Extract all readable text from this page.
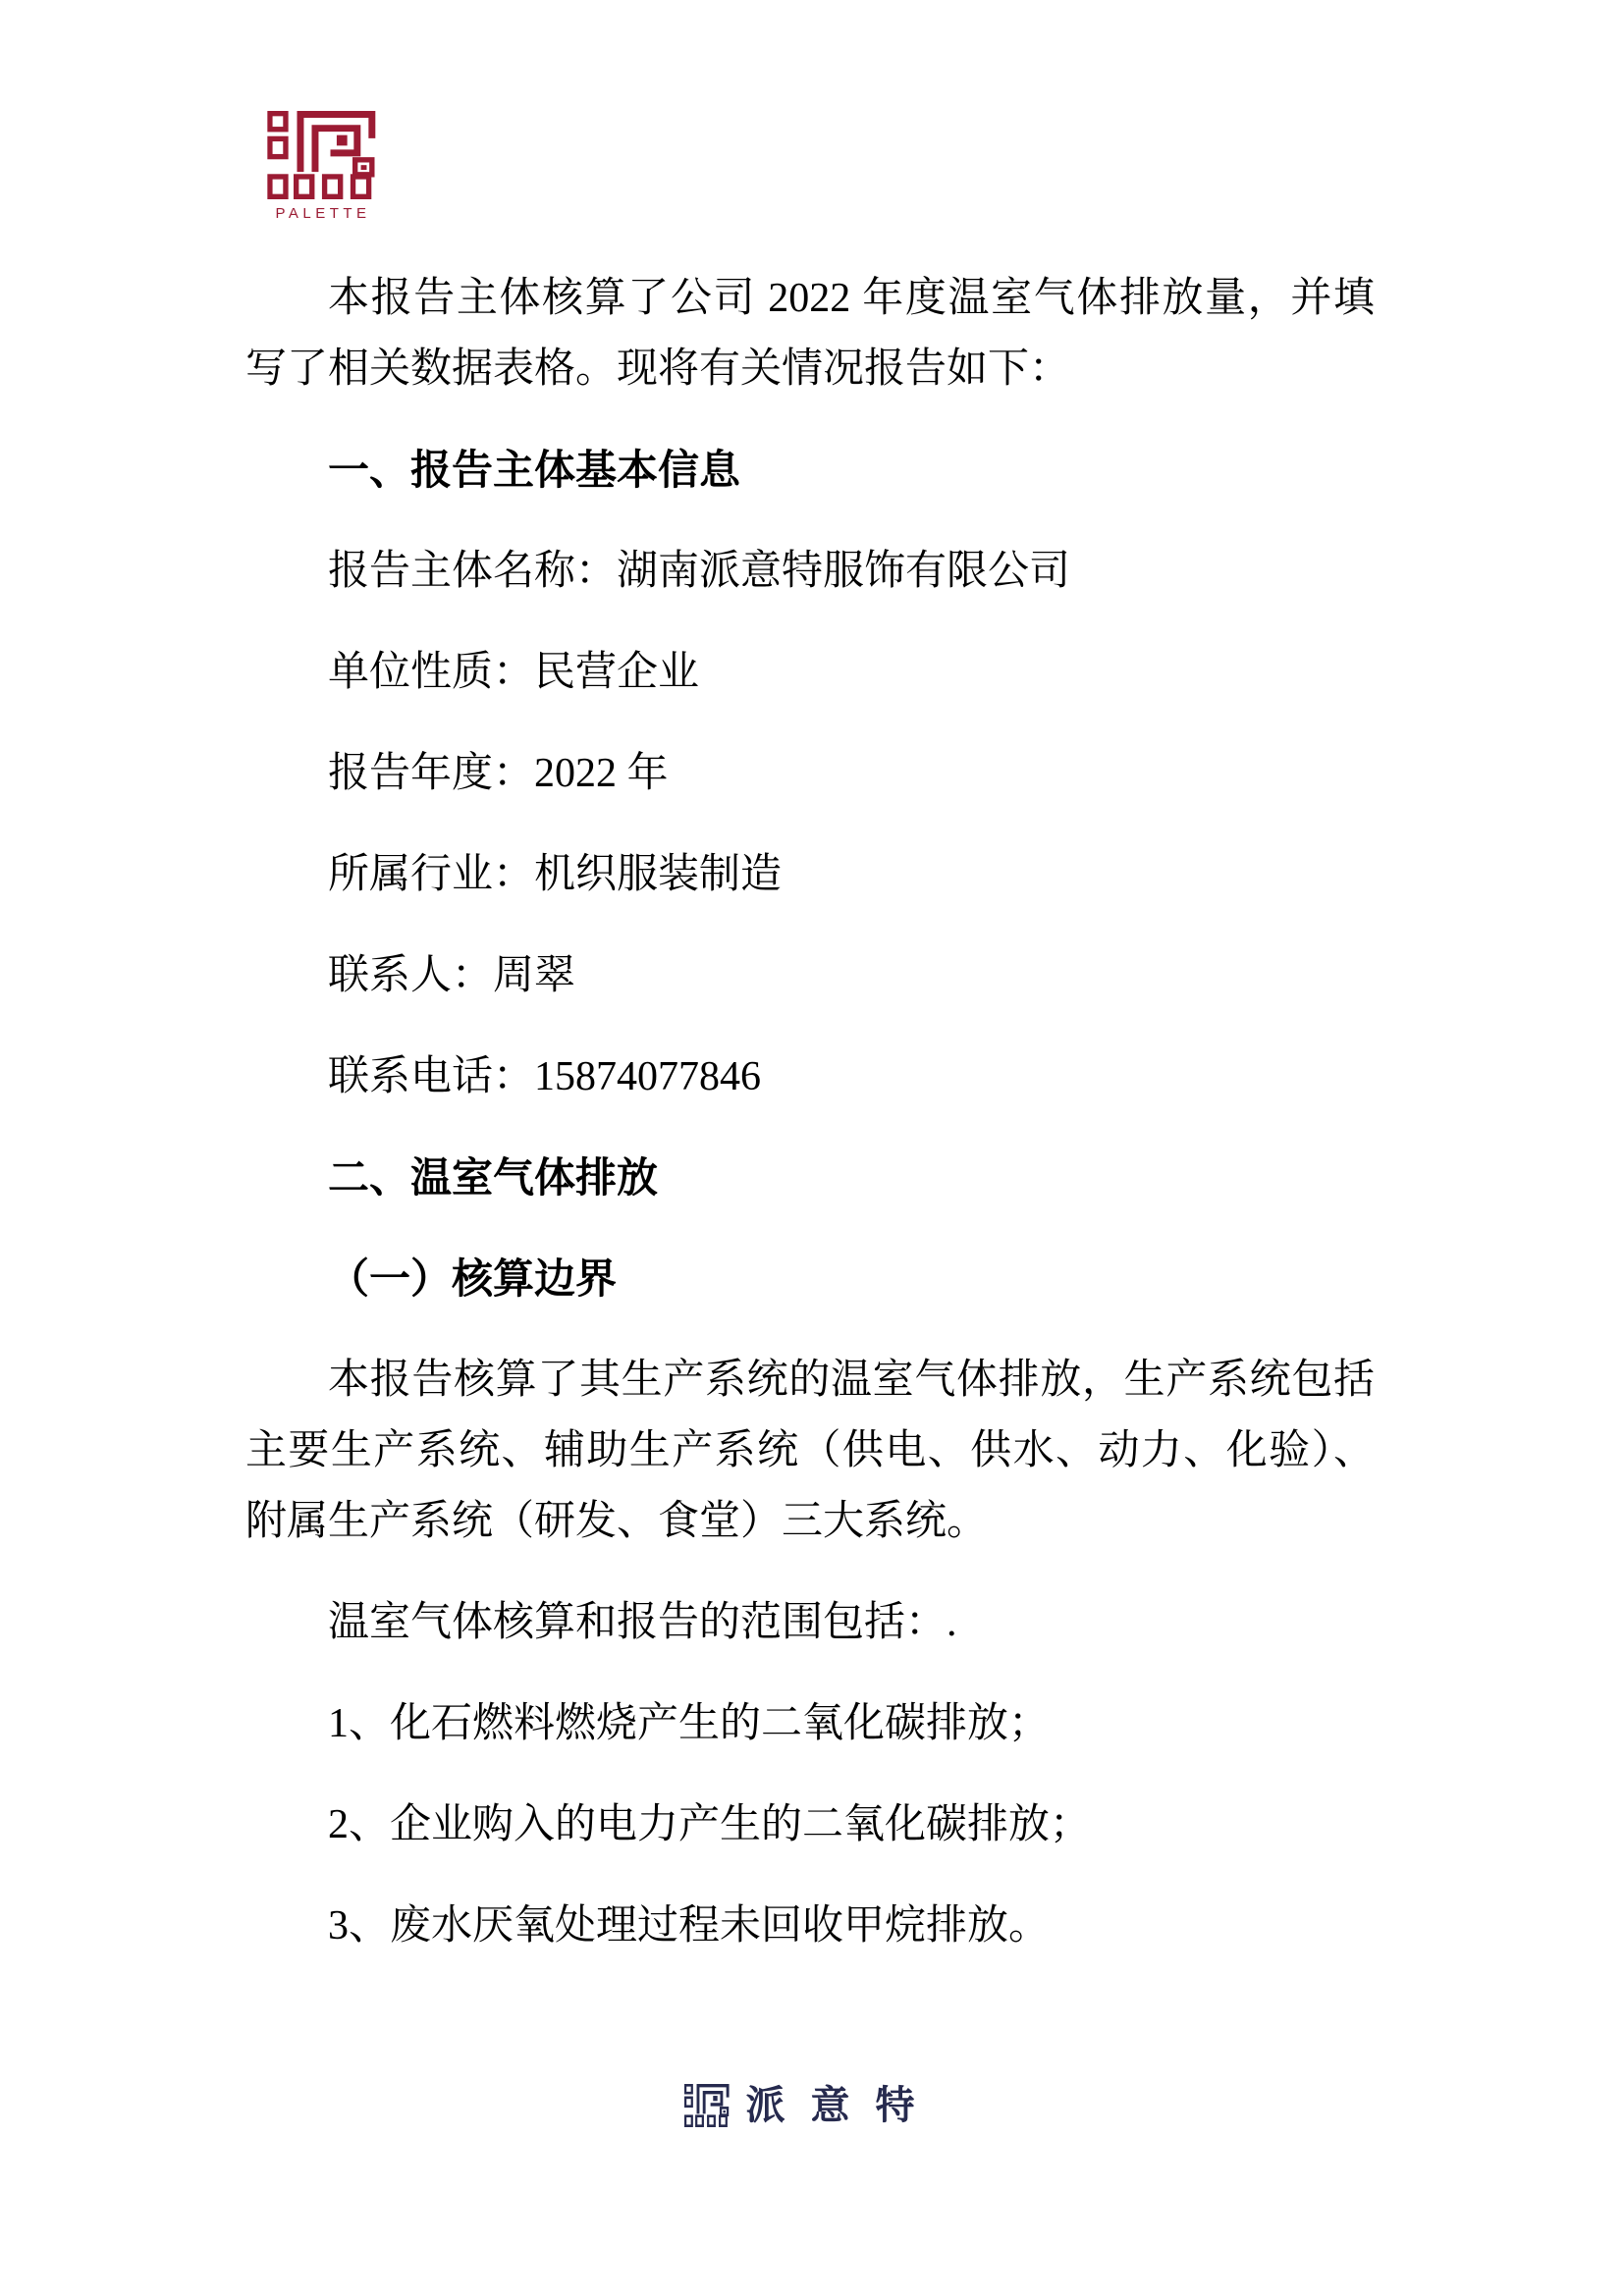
PALETTE

本报告主体核算了公司 2022 年度温室气体排放量，并填写了相关数据表格。现将有关情况报告如下：

一、报告主体基本信息

报告主体名称：湖南派意特服饰有限公司

单位性质：民营企业

报告年度：2022 年

所属行业：机织服装制造

联系人：周翠

联系电话：15874077846

二、温室气体排放
（一）核算边界

本报告核算了其生产系统的温室气体排放，生产系统包括主要生产系统、辅助生产系统（供电、供水、动力、化验）、附属生产系统（研发、食堂）三大系统。

温室气体核算和报告的范围包括：.

1、化石燃料燃烧产生的二氧化碳排放；

2、企业购入的电力产生的二氧化碳排放；

3、废水厌氧处理过程未回收甲烷排放。

派意特
